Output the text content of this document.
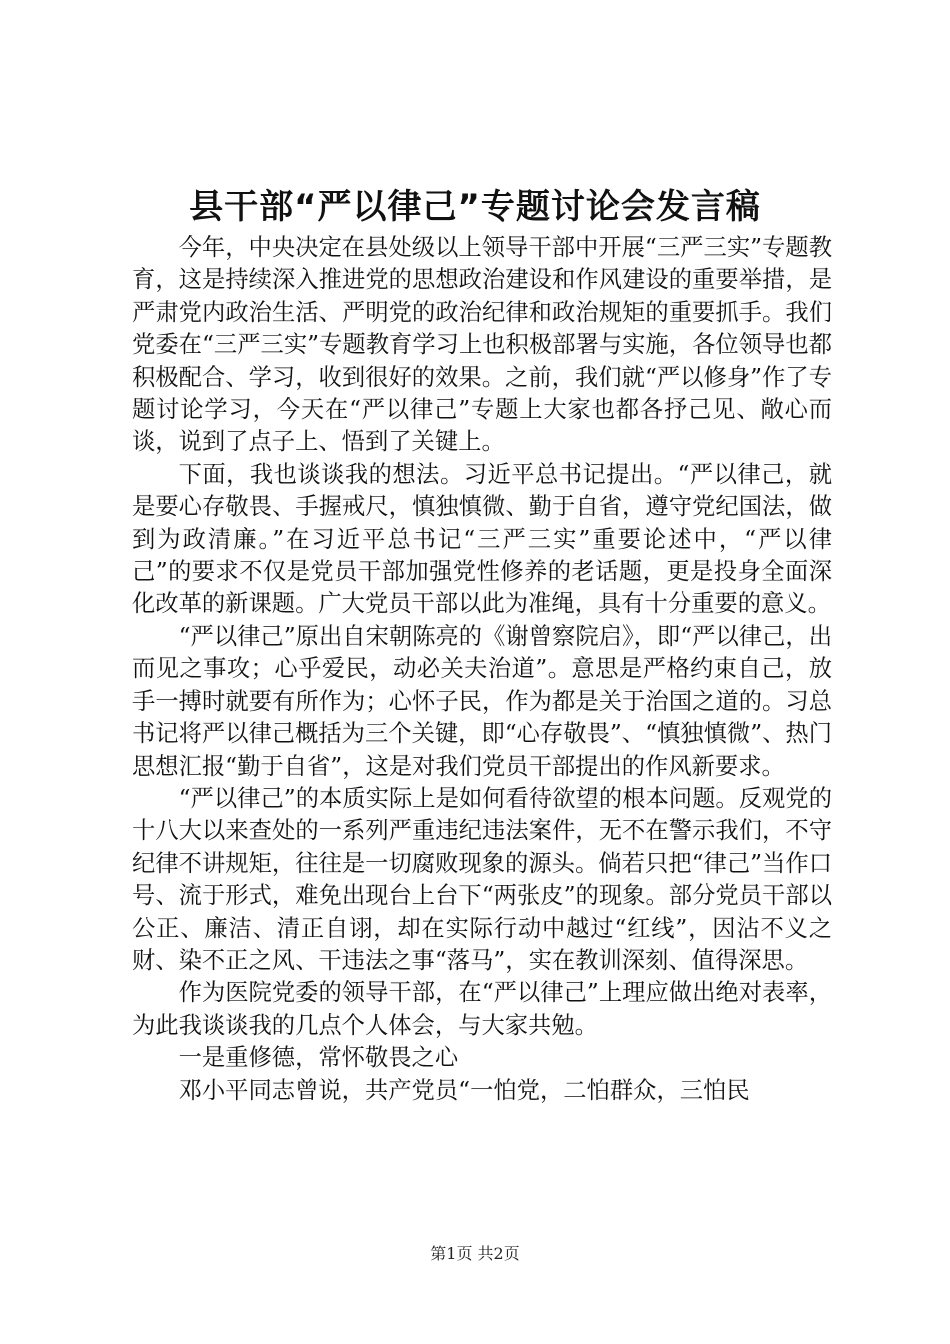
县干部“严以律己”专题讨论会发言稿

今年，中央决定在县处级以上领导干部中开展“三严三实”专题教育，这是持续深入推进党的思想政治建设和作风建设的重要举措，是严肃党内政治生活、严明党的政治纪律和政治规矩的重要抓手。我们党委在“三严三实”专题教育学习上也积极部署与实施，各位领导也都积极配合、学习，收到很好的效果。之前，我们就“严以修身”作了专题讨论学习，今天在“严以律己”专题上大家也都各抒己见、敞心而谈，说到了点子上、悟到了关键上。

下面，我也谈谈我的想法。习近平总书记提出。“严以律己，就是要心存敬畏、手握戒尺，慎独慎微、勤于自省，遵守党纪国法，做到为政清廉。”在习近平总书记“三严三实”重要论述中，“严以律己”的要求不仅是党员干部加强党性修养的老话题，更是投身全面深化改革的新课题。广大党员干部以此为准绳，具有十分重要的意义。

“严以律己”原出自宋朝陈亮的《谢曾察院启》，即“严以律己，出而见之事攻；心乎爱民，动必关夫治道”。意思是严格约束自己，放手一搏时就要有所作为；心怀子民，作为都是关于治国之道的。习总书记将严以律己概括为三个关键，即“心存敬畏”、“慎独慎微”、热门思想汇报“勤于自省”，这是对我们党员干部提出的作风新要求。

“严以律己”的本质实际上是如何看待欲望的根本问题。反观党的十八大以来查处的一系列严重违纪违法案件，无不在警示我们，不守纪律不讲规矩，往往是一切腐败现象的源头。倘若只把“律己”当作口号、流于形式，难免出现台上台下“两张皮”的现象。部分党员干部以公正、廉洁、清正自诩，却在实际行动中越过“红线”，因沾不义之财、染不正之风、干违法之事“落马”，实在教训深刻、值得深思。

作为医院党委的领导干部，在“严以律己”上理应做出绝对表率，为此我谈谈我的几点个人体会，与大家共勉。

一是重修德，常怀敬畏之心

邓小平同志曾说，共产党员“一怕党，二怕群众，三怕民

第1页 共2页
